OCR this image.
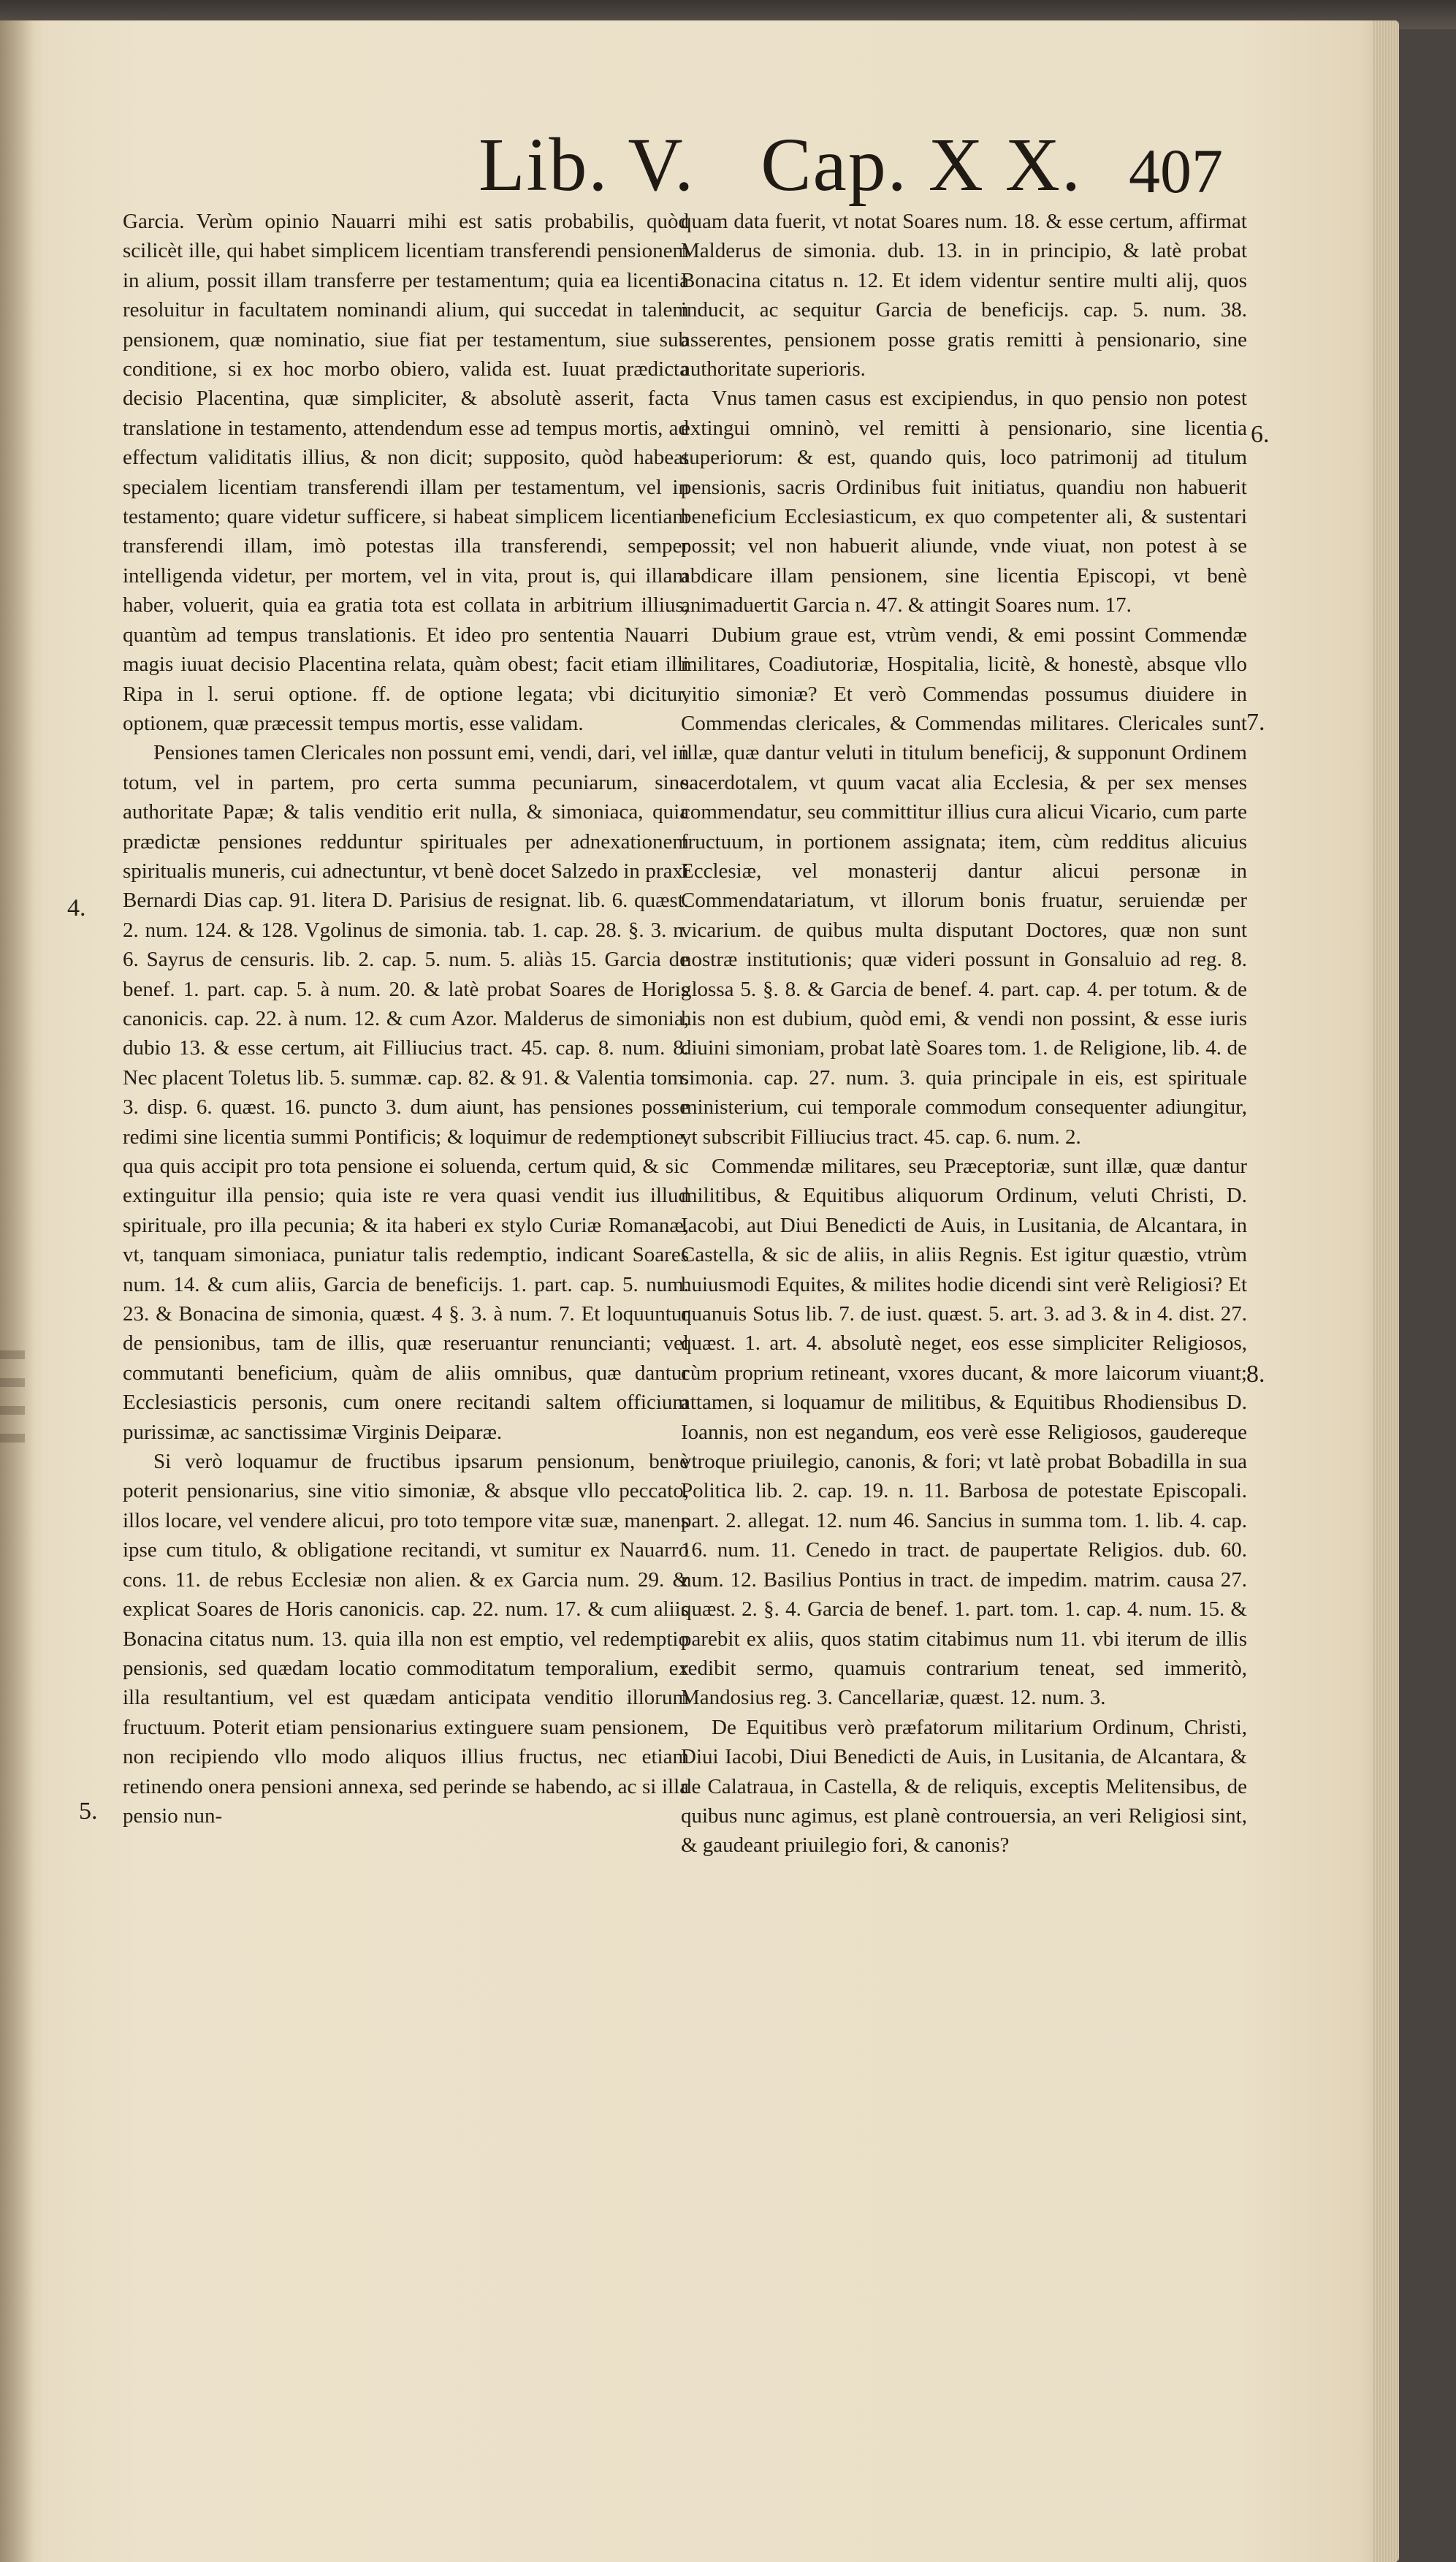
Lib. V. Cap. X X. 407

Garcia. Verùm opinio Nauarri mihi est satis probabilis, quòd scilicèt ille, qui habet simplicem licentiam transferendi pensionem in alium, possit illam transferre per testamentum; quia ea licentia resoluitur in facultatem nominandi alium, qui succedat in talem pensionem, quæ nominatio, siue fiat per testamentum, siue sub conditione, si ex hoc morbo obiero, valida est. Iuuat prædicta decisio Placentina, quæ simpliciter, & absolutè asserit, facta translatione in testamento, attendendum esse ad tempus mortis, ad effectum validitatis illius, & non dicit; supposito, quòd habeat specialem licentiam transferendi illam per testamentum, vel in testamento; quare videtur sufficere, si habeat simplicem licentiam transferendi illam, imò potestas illa transferendi, semper intelligenda videtur, per mortem, vel in vita, prout is, qui illam haber, voluerit, quia ea gratia tota est collata in arbitrium illius, quantùm ad tempus translationis. Et ideo pro sententia Nauarri magis iuuat decisio Placentina relata, quàm obest; facit etiam illi Ripa in l. serui optione. ff. de optione legata; vbi dicitur, optionem, quæ præcessit tempus mortis, esse validam.

Pensiones tamen Clericales non possunt emi, vendi, dari, vel in totum, vel in partem, pro certa summa pecuniarum, sine authoritate Papæ; & talis venditio erit nulla, & simoniaca, quia prædictæ pensiones redduntur spirituales per adnexationem spiritualis muneris, cui adnectuntur, vt benè docet Salzedo in praxi Bernardi Dias cap. 91. litera D. Parisius de resignat. lib. 6. quæst. 2. num. 124. & 128. Vgolinus de simonia. tab. 1. cap. 28. §. 3. n. 6. Sayrus de censuris. lib. 2. cap. 5. num. 5. aliàs 15. Garcia de benef. 1. part. cap. 5. à num. 20. & latè probat Soares de Horis canonicis. cap. 22. à num. 12. & cum Azor. Malderus de simonia, dubio 13. & esse certum, ait Filliucius tract. 45. cap. 8. num. 8. Nec placent Toletus lib. 5. summæ. cap. 82. & 91. & Valentia tom. 3. disp. 6. quæst. 16. puncto 3. dum aiunt, has pensiones posse redimi sine licentia summi Pontificis; & loquimur de redemptione, qua quis accipit pro tota pensione ei soluenda, certum quid, & sic extinguitur illa pensio; quia iste re vera quasi vendit ius illud spirituale, pro illa pecunia; & ita haberi ex stylo Curiæ Romanæ, vt, tanquam simoniaca, puniatur talis redemptio, indicant Soares num. 14. & cum aliis, Garcia de beneficijs. 1. part. cap. 5. num. 23. & Bonacina de simonia, quæst. 4 §. 3. à num. 7. Et loquuntur de pensionibus, tam de illis, quæ reseruantur renuncianti; vel commutanti beneficium, quàm de aliis omnibus, quæ dantur Ecclesiasticis personis, cum onere recitandi saltem officium purissimæ, ac sanctissimæ Virginis Deiparæ.

Si verò loquamur de fructibus ipsarum pensionum, benè poterit pensionarius, sine vitio simoniæ, & absque vllo peccato, illos locare, vel vendere alicui, pro toto tempore vitæ suæ, manens ipse cum titulo, & obligatione recitandi, vt sumitur ex Nauarro cons. 11. de rebus Ecclesiæ non alien. & ex Garcia num. 29. & explicat Soares de Horis canonicis. cap. 22. num. 17. & cum aliis Bonacina citatus num. 13. quia illa non est emptio, vel redemptio pensionis, sed quædam locatio commoditatum temporalium, ex illa resultantium, vel est quædam anticipata venditio illorum fructuum. Poterit etiam pensionarius extinguere suam pensionem, non recipiendo vllo modo aliquos illius fructus, nec etiam retinendo onera pensioni annexa, sed perinde se habendo, ac si illa pensio nun-

quam data fuerit, vt notat Soares num. 18. & esse certum, affirmat Malderus de simonia. dub. 13. in in principio, & latè probat Bonacina citatus n. 12. Et idem videntur sentire multi alij, quos inducit, ac sequitur Garcia de beneficijs. cap. 5. num. 38. asserentes, pensionem posse gratis remitti à pensionario, sine authoritate superioris.

Vnus tamen casus est excipiendus, in quo pensio non potest extingui omninò, vel remitti à pensionario, sine licentia superiorum: & est, quando quis, loco patrimonij ad titulum pensionis, sacris Ordinibus fuit initiatus, quandiu non habuerit beneficium Ecclesiasticum, ex quo competenter ali, & sustentari possit; vel non habuerit aliunde, vnde viuat, non potest à se abdicare illam pensionem, sine licentia Episcopi, vt benè animaduertit Garcia n. 47. & attingit Soares num. 17.

Dubium graue est, vtrùm vendi, & emi possint Commendæ militares, Coadiutoriæ, Hospitalia, licitè, & honestè, absque vllo vitio simoniæ? Et verò Commendas possumus diuidere in Commendas clericales, & Commendas militares. Clericales sunt illæ, quæ dantur veluti in titulum beneficij, & supponunt Ordinem sacerdotalem, vt quum vacat alia Ecclesia, & per sex menses commendatur, seu committitur illius cura alicui Vicario, cum parte fructuum, in portionem assignata; item, cùm redditus alicuius Ecclesiæ, vel monasterij dantur alicui personæ in Commendatariatum, vt illorum bonis fruatur, seruiendæ per vicarium. de quibus multa disputant Doctores, quæ non sunt nostræ institutionis; quæ videri possunt in Gonsaluio ad reg. 8. glossa 5. §. 8. & Garcia de benef. 4. part. cap. 4. per totum. & de his non est dubium, quòd emi, & vendi non possint, & esse iuris diuini simoniam, probat latè Soares tom. 1. de Religione, lib. 4. de simonia. cap. 27. num. 3. quia principale in eis, est spirituale ministerium, cui temporale commodum consequenter adiungitur, vt subscribit Filliucius tract. 45. cap. 6. num. 2.

Commendæ militares, seu Præceptoriæ, sunt illæ, quæ dantur militibus, & Equitibus aliquorum Ordinum, veluti Christi, D. Iacobi, aut Diui Benedicti de Auis, in Lusitania, de Alcantara, in Castella, & sic de aliis, in aliis Regnis. Est igitur quæstio, vtrùm huiusmodi Equites, & milites hodie dicendi sint verè Religiosi? Et quanuis Sotus lib. 7. de iust. quæst. 5. art. 3. ad 3. & in 4. dist. 27. quæst. 1. art. 4. absolutè neget, eos esse simpliciter Religiosos, cùm proprium retineant, vxores ducant, & more laicorum viuant; attamen, si loquamur de militibus, & Equitibus Rhodiensibus D. Ioannis, non est negandum, eos verè esse Religiosos, gaudereque vtroque priuilegio, canonis, & fori; vt latè probat Bobadilla in sua Politica lib. 2. cap. 19. n. 11. Barbosa de potestate Episcopali. part. 2. allegat. 12. num 46. Sancius in summa tom. 1. lib. 4. cap. 16. num. 11. Cenedo in tract. de paupertate Religios. dub. 60. num. 12. Basilius Pontius in tract. de impedim. matrim. causa 27. quæst. 2. §. 4. Garcia de benef. 1. part. tom. 1. cap. 4. num. 15. & parebit ex aliis, quos statim citabimus num 11. vbi iterum de illis redibit sermo, quamuis contrarium teneat, sed immeritò, Mandosius reg. 3. Cancellariæ, quæst. 12. num. 3.

De Equitibus verò præfatorum militarium Ordinum, Christi, Diui Iacobi, Diui Benedicti de Auis, in Lusitania, de Alcantara, & de Calatraua, in Castella, & de reliquis, exceptis Melitensibus, de quibus nunc agimus, est planè controuersia, an veri Religiosi sint, & gaudeant priuilegio fori, & canonis?

4.
5.
6.
7.
8.
